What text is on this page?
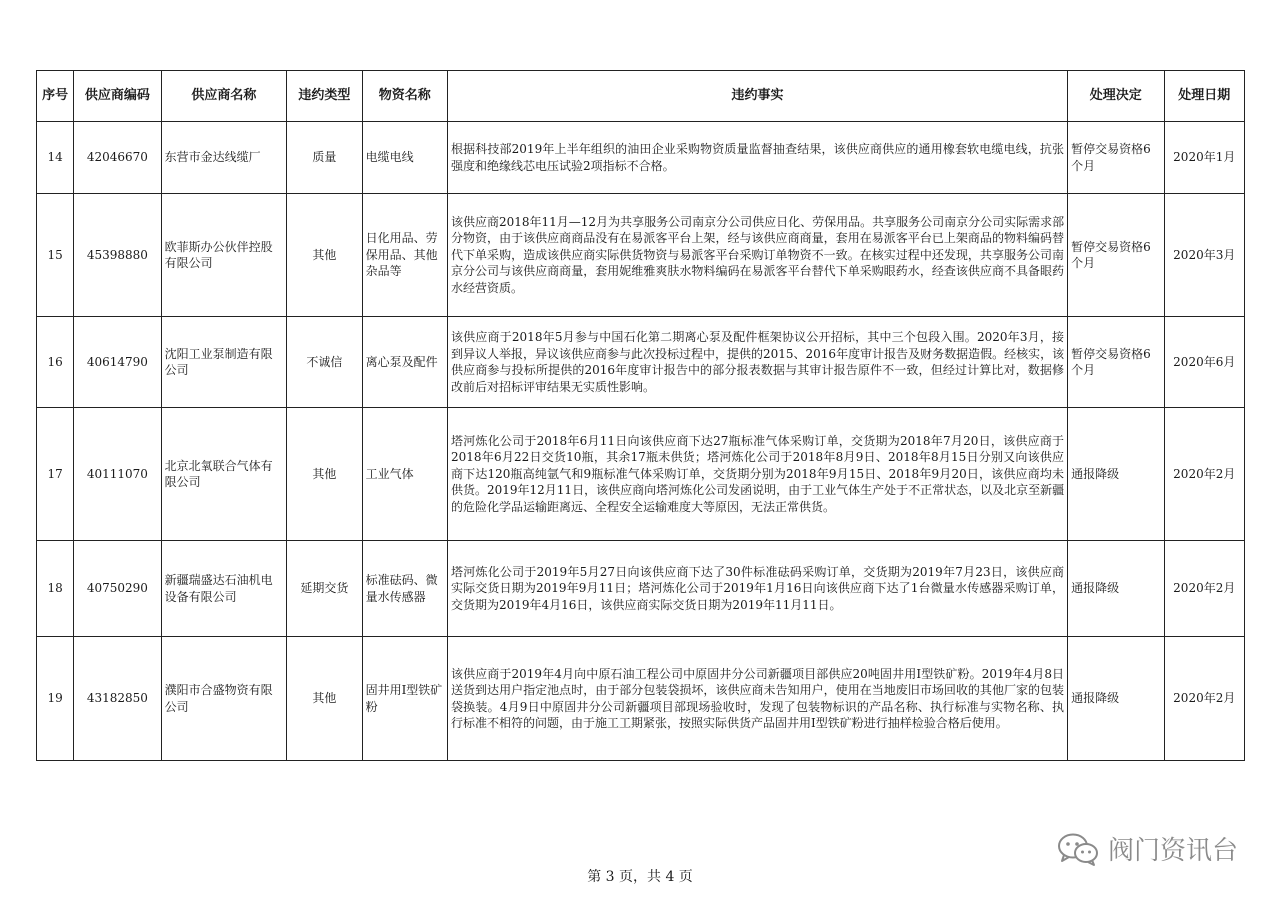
序号	供应商编码	供应商名称	违约类型	物资名称	违约事实	处理决定	处理日期
14	42046670	东营市金达线缆厂	质量	电缆电线	根据科技部2019年上半年组织的油田企业采购物资质量监督抽查结果，该供应商供应的通用橡套软电缆电线，抗张强度和绝缘线芯电压试验2项指标不合格。	暂停交易资格6个月	2020年1月
15	45398880	欧菲斯办公伙伴控股有限公司	其他	日化用品、劳保用品、其他杂品等	该供应商2018年11月—12月为共享服务公司南京分公司供应日化、劳保用品。共享服务公司南京分公司实际需求部分物资，由于该供应商商品没有在易派客平台上架，经与该供应商商量，套用在易派客平台已上架商品的物料编码替代下单采购，造成该供应商实际供货物资与易派客平台采购订单物资不一致。在核实过程中还发现，共享服务公司南京分公司与该供应商商量，套用妮维雅爽肤水物料编码在易派客平台替代下单采购眼药水，经查该供应商不具备眼药水经营资质。	暂停交易资格6个月	2020年3月
16	40614790	沈阳工业泵制造有限公司	不诚信	离心泵及配件	该供应商于2018年5月参与中国石化第二期离心泵及配件框架协议公开招标，其中三个包段入围。2020年3月，接到异议人举报，异议该供应商参与此次投标过程中，提供的2015、2016年度审计报告及财务数据造假。经核实，该供应商参与投标所提供的2016年度审计报告中的部分报表数据与其审计报告原件不一致，但经过计算比对，数据修改前后对招标评审结果无实质性影响。	暂停交易资格6个月	2020年6月
17	40111070	北京北氧联合气体有限公司	其他	工业气体	塔河炼化公司于2018年6月11日向该供应商下达27瓶标准气体采购订单，交货期为2018年7月20日，该供应商于2018年6月22日交货10瓶，其余17瓶未供货；塔河炼化公司于2018年8月9日、2018年8月15日分别又向该供应商下达120瓶高纯氩气和9瓶标准气体采购订单，交货期分别为2018年9月15日、2018年9月20日，该供应商均未供货。2019年12月11日，该供应商向塔河炼化公司发函说明，由于工业气体生产处于不正常状态，以及北京至新疆的危险化学品运输距离远、全程安全运输难度大等原因，无法正常供货。	通报降级	2020年2月
18	40750290	新疆瑞盛达石油机电设备有限公司	延期交货	标准砝码、微量水传感器	塔河炼化公司于2019年5月27日向该供应商下达了30件标准砝码采购订单，交货期为2019年7月23日，该供应商实际交货日期为2019年9月11日；塔河炼化公司于2019年1月16日向该供应商下达了1台微量水传感器采购订单，交货期为2019年4月16日，该供应商实际交货日期为2019年11月11日。	通报降级	2020年2月
19	43182850	濮阳市合盛物资有限公司	其他	固井用I型铁矿粉	该供应商于2019年4月向中原石油工程公司中原固井分公司新疆项目部供应20吨固井用I型铁矿粉。2019年4月8日送货到达用户指定池点时，由于部分包装袋损坏，该供应商未告知用户，使用在当地废旧市场回收的其他厂家的包装袋换装。4月9日中原固井分公司新疆项目部现场验收时，发现了包装物标识的产品名称、执行标准与实物名称、执行标准不相符的问题，由于施工工期紧张，按照实际供货产品固井用I型铁矿粉进行抽样检验合格后使用。	通报降级	2020年2月
阀门资讯台
第 3 页，共 4 页
